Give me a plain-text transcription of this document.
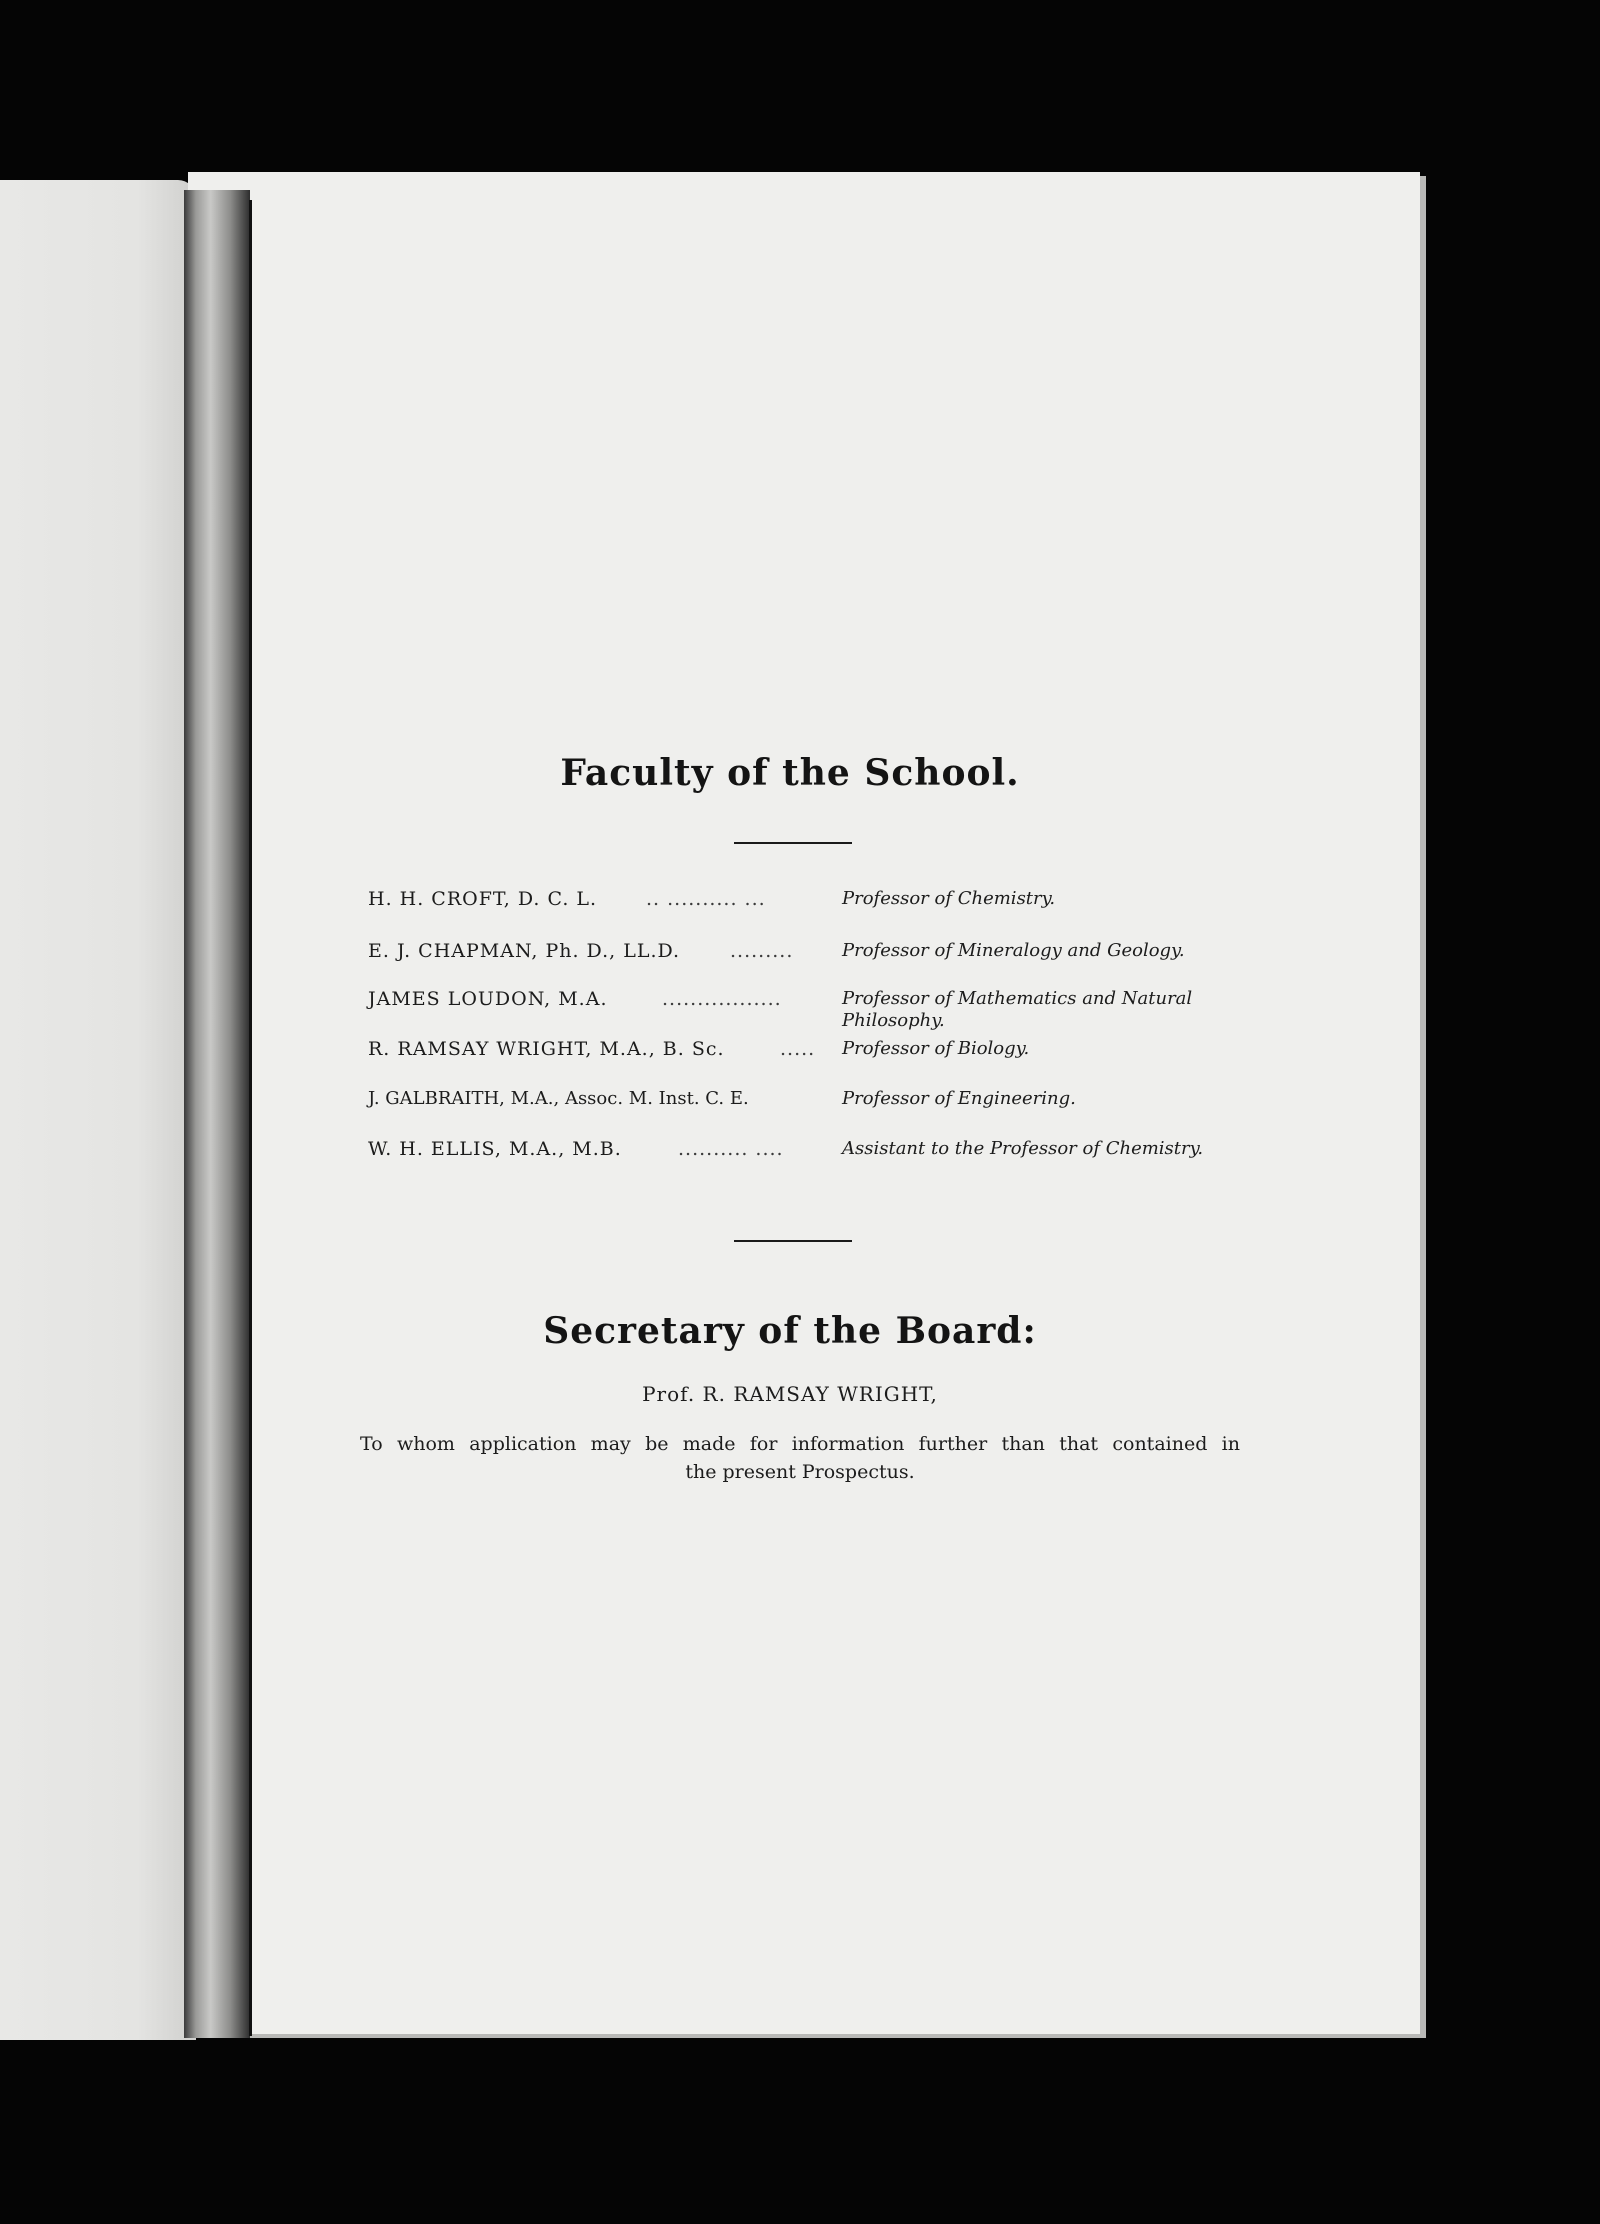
Faculty of the School.
H. H. CROFT, D. C. L.	.. .......... ...	Professor of Chemistry.
E. J. CHAPMAN, Ph. D., LL.D.	.........	Professor of Mineralogy and Geology.
JAMES LOUDON, M.A.	.................	Professor of Mathematics and Natural Philosophy.
R. RAMSAY WRIGHT, M.A., B. Sc.	..... Professor of Biology.
J. GALBRAITH, M.A., Assoc. M. Inst. C. E.	Professor of Engineering.
W. H. ELLIS, M.A., M.B.	.......... ....	Assistant to the Professor of Chemistry.
Secretary of the Board:
Prof. R. RAMSAY WRIGHT,
To whom application may be made for information further than that contained in
the present Prospectus.
